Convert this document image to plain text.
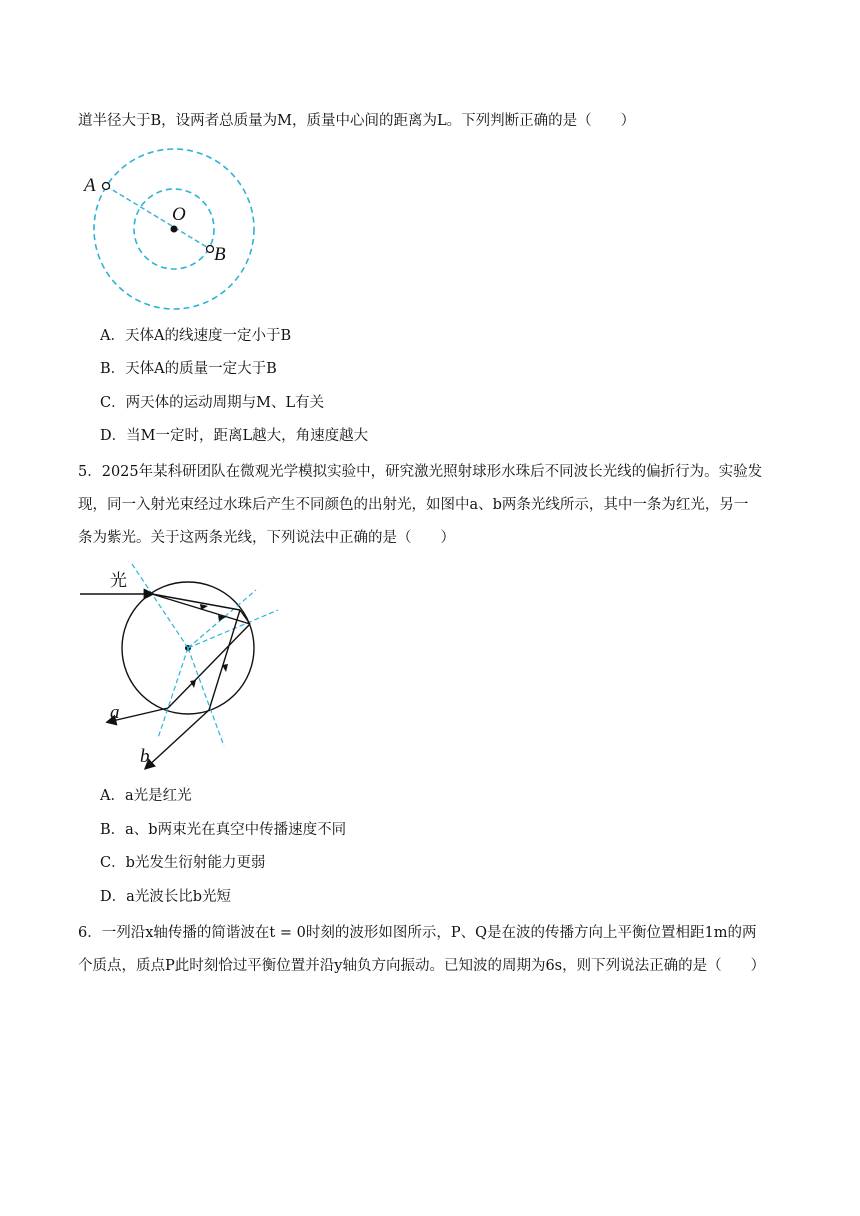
道半径大于B，设两者总质量为M，质量中心间的距离为L。下列判断正确的是（　　）
A
O
B
A．天体A的线速度一定小于B
B．天体A的质量一定大于B
C．两天体的运动周期与M、L有关
D．当M一定时，距离L越大，角速度越大
5．2025年某科研团队在微观光学模拟实验中，研究激光照射球形水珠后不同波长光线的偏折行为。实验发
现，同一入射光束经过水珠后产生不同颜色的出射光，如图中a、b两条光线所示，其中一条为红光，另一
条为紫光。关于这两条光线，下列说法中正确的是（　　）
光
a
b
A．a光是红光
B．a、b两束光在真空中传播速度不同
C．b光发生衍射能力更弱
D．a光波长比b光短
6．一列沿x轴传播的简谐波在t = 0时刻的波形如图所示，P、Q是在波的传播方向上平衡位置相距1m的两
个质点，质点P此时刻恰过平衡位置并沿y轴负方向振动。已知波的周期为6s，则下列说法正确的是（　　）
